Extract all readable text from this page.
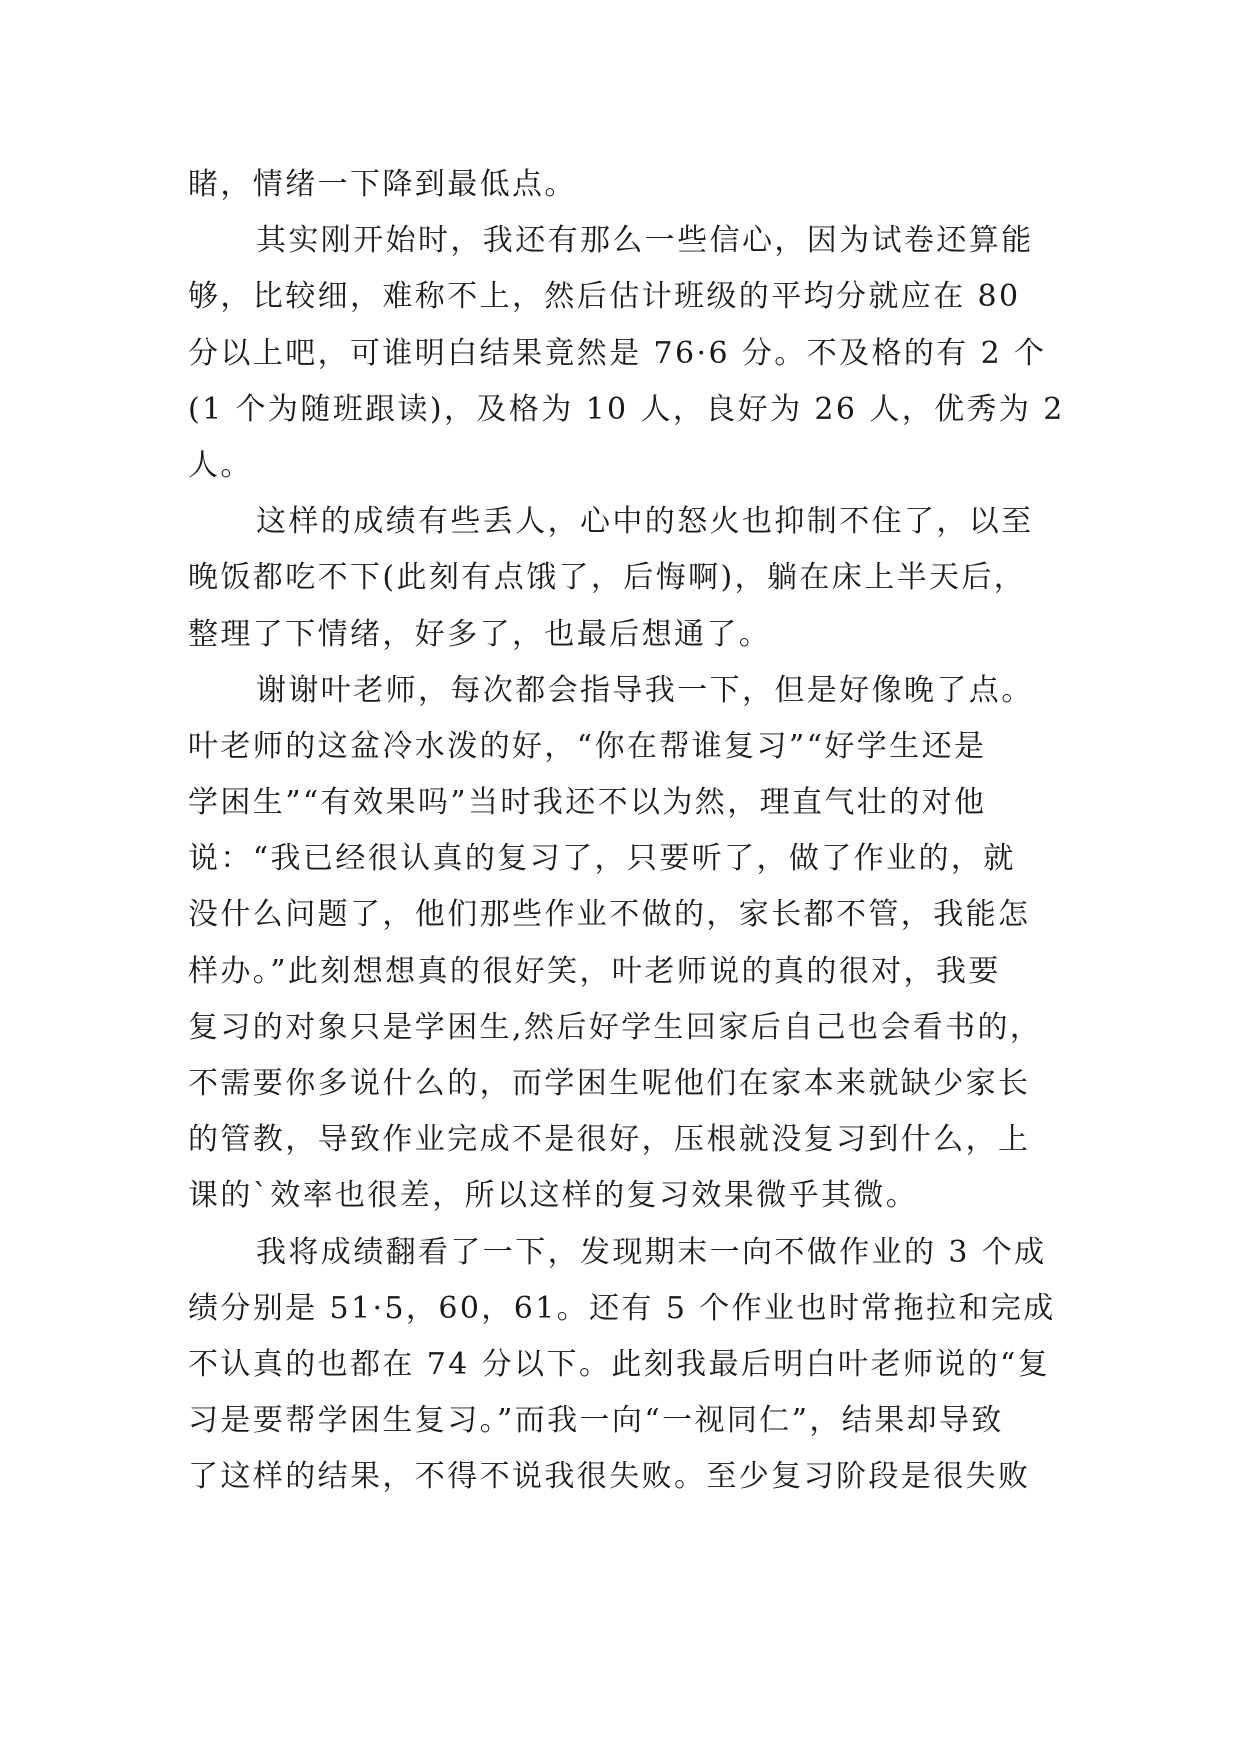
睹，情绪一下降到最低点。
其实刚开始时，我还有那么一些信心，因为试卷还算能
够，比较细，难称不上，然后估计班级的平均分就应在 80
分以上吧，可谁明白结果竟然是 76·6 分。不及格的有 2 个
(1 个为随班跟读)，及格为 10 人，良好为 26 人，优秀为 2
人。
这样的成绩有些丢人，心中的怒火也抑制不住了，以至
晚饭都吃不下(此刻有点饿了，后悔啊)，躺在床上半天后，
整理了下情绪，好多了，也最后想通了。
谢谢叶老师，每次都会指导我一下，但是好像晚了点。
叶老师的这盆冷水泼的好，“你在帮谁复习”“好学生还是
学困生”“有效果吗”当时我还不以为然，理直气壮的对他
说：“我已经很认真的复习了，只要听了，做了作业的，就
没什么问题了，他们那些作业不做的，家长都不管，我能怎
样办。”此刻想想真的很好笑，叶老师说的真的很对，我要
复习的对象只是学困生,然后好学生回家后自己也会看书的，
不需要你多说什么的，而学困生呢他们在家本来就缺少家长
的管教，导致作业完成不是很好，压根就没复习到什么，上
课的`效率也很差，所以这样的复习效果微乎其微。
我将成绩翻看了一下，发现期末一向不做作业的 3 个成
绩分别是 51·5，60，61。还有 5 个作业也时常拖拉和完成
不认真的也都在 74 分以下。此刻我最后明白叶老师说的“复
习是要帮学困生复习。”而我一向“一视同仁”，结果却导致
了这样的结果，不得不说我很失败。至少复习阶段是很失败
